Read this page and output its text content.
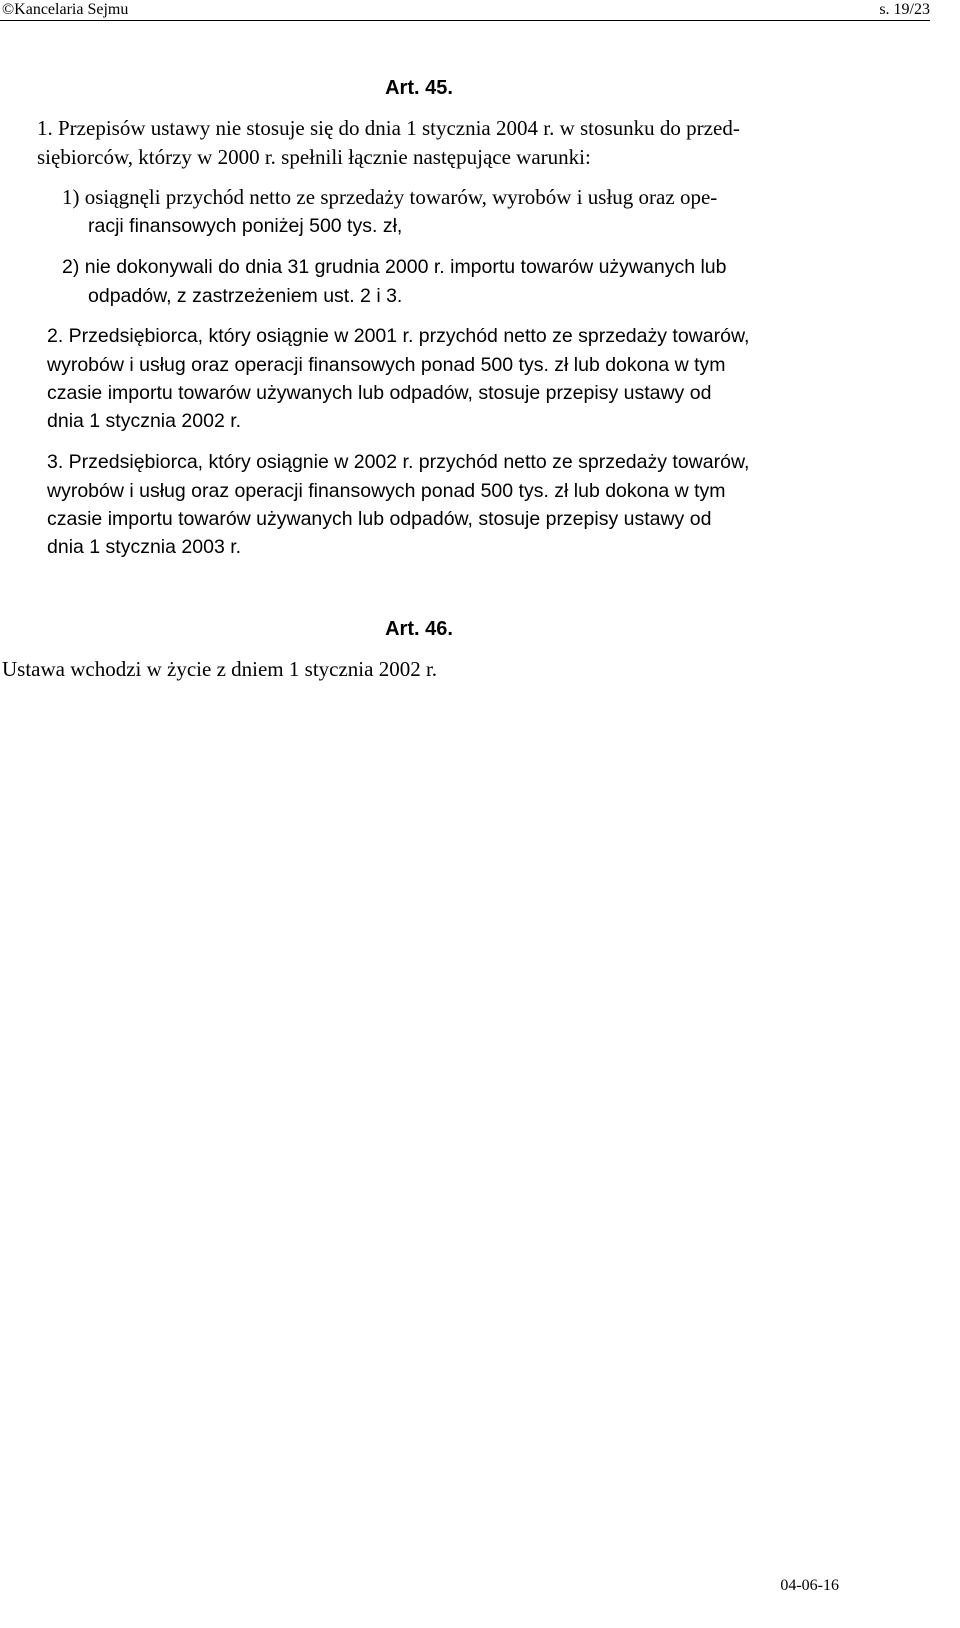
©Kancelaria Sejmu	s. 19/23
Art. 45.
1. Przepisów ustawy nie stosuje się do dnia 1 stycznia 2004 r. w stosunku do przed-
siębiorców, którzy w 2000 r. spełnili łącznie następujące warunki:
1) osiągnęli przychód netto ze sprzedaży towarów, wyrobów i usług oraz ope-
racji finansowych poniżej 500 tys. zł,
2) nie dokonywali do dnia 31 grudnia 2000 r. importu towarów używanych lub
odpadów, z zastrzeżeniem ust. 2 i 3.
2. Przedsiębiorca, który osiągnie w 2001 r. przychód netto ze sprzedaży towarów,
wyrobów i usług oraz operacji finansowych ponad 500 tys. zł lub dokona w tym
czasie importu towarów używanych lub odpadów, stosuje przepisy ustawy od
dnia 1 stycznia 2002 r.
3. Przedsiębiorca, który osiągnie w 2002 r. przychód netto ze sprzedaży towarów,
wyrobów i usług oraz operacji finansowych ponad 500 tys. zł lub dokona w tym
czasie importu towarów używanych lub odpadów, stosuje przepisy ustawy od
dnia 1 stycznia 2003 r.
Art. 46.
Ustawa wchodzi w życie z dniem 1 stycznia 2002 r.
04-06-16
